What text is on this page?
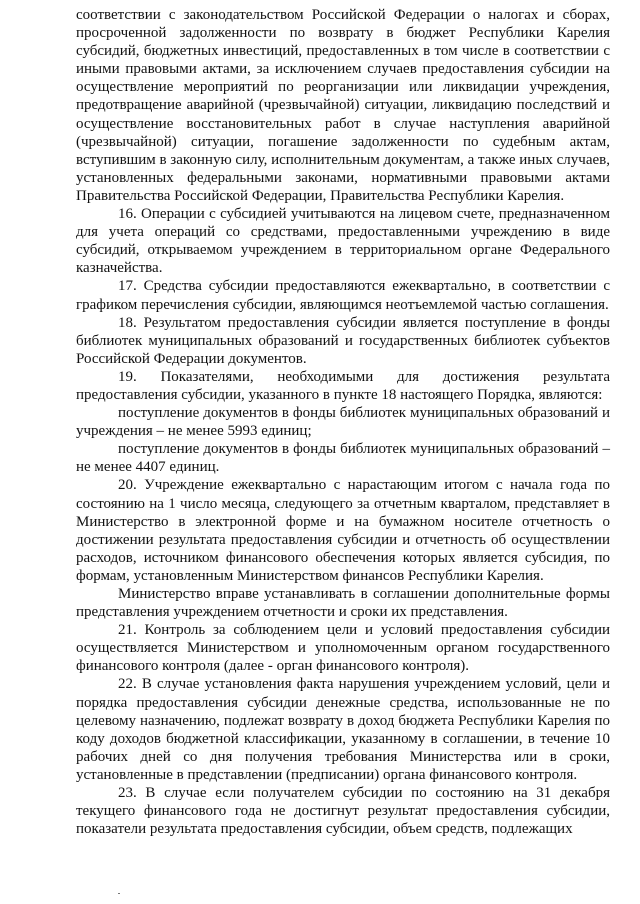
соответствии с законодательством Российской Федерации о налогах и сборах, просроченной задолженности по возврату в бюджет Республики Карелия субсидий, бюджетных инвестиций, предоставленных в том числе в соответствии с иными правовыми актами, за исключением случаев предоставления субсидии на осуществление мероприятий по реорганизации или ликвидации учреждения, предотвращение аварийной (чрезвычайной) ситуации, ликвидацию последствий и осуществление восстановительных работ в случае наступления аварийной (чрезвычайной) ситуации, погашение задолженности по судебным актам, вступившим в законную силу, исполнительным документам, а также иных случаев, установленных федеральными законами, нормативными правовыми актами Правительства Российской Федерации, Правительства Республики Карелия.

16. Операции с субсидией учитываются на лицевом счете, предназначенном для учета операций со средствами, предоставленными учреждению в виде субсидий, открываемом учреждением в территориальном органе Федерального казначейства.

17. Средства субсидии предоставляются ежеквартально, в соответствии с графиком перечисления субсидии, являющимся неотъемлемой частью соглашения.

18. Результатом предоставления субсидии является поступление в фонды библиотек муниципальных образований и государственных библиотек субъектов Российской Федерации документов.

19. Показателями, необходимыми для достижения результата предоставления субсидии, указанного в пункте 18 настоящего Порядка, являются:

поступление документов в фонды библиотек муниципальных образований и учреждения – не менее 5993 единиц;

поступление документов в фонды библиотек муниципальных образований – не менее 4407 единиц.

20. Учреждение ежеквартально с нарастающим итогом с начала года по состоянию на 1 число месяца, следующего за отчетным кварталом, представляет в Министерство в электронной форме и на бумажном носителе отчетность о достижении результата предоставления субсидии и отчетность об осуществлении расходов, источником финансового обеспечения которых является субсидия, по формам, установленным Министерством финансов Республики Карелия.

Министерство вправе устанавливать в соглашении дополнительные формы представления учреждением отчетности и сроки их представления.

21. Контроль за соблюдением цели и условий предоставления субсидии осуществляется Министерством и уполномоченным органом государственного финансового контроля (далее - орган финансового контроля).

22. В случае установления факта нарушения учреждением условий, цели и порядка предоставления субсидии денежные средства, использованные не по целевому назначению, подлежат возврату в доход бюджета Республики Карелия по коду доходов бюджетной классификации, указанному в соглашении, в течение 10 рабочих дней со дня получения требования Министерства или в сроки, установленные в представлении (предписании) органа финансового контроля.

23. В случае если получателем субсидии по состоянию на 31 декабря текущего финансового года не достигнут результат предоставления субсидии, показатели результата предоставления субсидии, объем средств, подлежащих
